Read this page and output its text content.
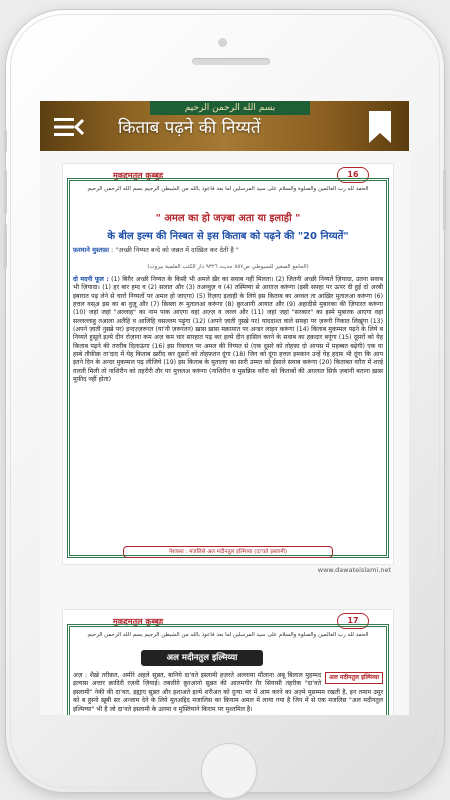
بسم الله الرحمن الرحيم
किताब पढ़ने की निय्यतें
मुक़द्दमतुल क़ुब्बुह	16
الحمد لله رب العالمين والصلوة والسلام على سيد المرسلين اما بعد فاعوذ بالله من الشيطن الرجيم بسم الله الرحمن الرحيم
" अमल का हो जज़्बा अता या इलाही "
के बील इल्म की निस्बत से इस किताब को पढ़ने की "20 निय्यतें"
फ़रमाने मुस्तफ़ा : "अच्छी निय्यत बन्दे को जन्नत में दाख़िल कर देती है "
(الجامع الصغير للسيوطي ص٥٥٧ حديث ٩٣٢٦ دار الكتب العلمية بيروت)
दो मदनी फूल : (1) बिग़ैर अच्छी निय्यत के किसी भी अमले ख़ैर का सवाब नहीं मिलता। (2) जितनी अच्छी निय्यतें ज़ियादा, उतना सवाब भी ज़ियादा। (1) हर बार हम्द व (2) सलात और (3) तअव्वुज़ व (4) तस्मिय्या से आग़ाज़ करूंगा (इसी सफ़्हा पर ऊपर दी हुई दो अरबी इबारात पढ़ लेने से चारों निय्यतों पर अमल हो जाएगा) (5) रिज़ाए इलाही के लिये इस किताब का अव्वल ता आख़िर मुतालआ करूंगा (6) हत्तल वस्अ इस का बा वुज़ू और (7) क़िब्ला रू मुतालआ करूंगा (8) क़ुरआनी आयात और (9) अहादीसे मुबारका की ज़ियारत करूंगा (10) जहां जहां "अल्लाह" का नाम पाक आएगा वहां अज़्ज़ व जल्ल और (11) जहां जहां "सरकार" का इस्मे मुबारक आएगा वहां सल्लल्लाहु तआला अलैहि व आलिहि वसल्लम पढ़ूंगा (12) (अपने ज़ाती नुस्ख़े पर) याददाश्त वाले सफ़्हा पर ज़रूरी निकात लिखूंगा (13) (अपने ज़ाती नुस्ख़े पर) इन्दज़्ज़रूरत (या'नी ज़रूरतन) ख़ास ख़ास मक़ामात पर अन्डर लाइन करूंगा (14) किताब मुकम्मल पढ़ने के लिये ब निय्यते हुसूले इल्मे दीन रोज़ाना कम अज़ कम चार सफ़्हात पढ़ कर इल्मे दीन हासिल करने के सवाब का हक़दार बनूंगा (15) दूसरों को येह किताब पढ़ने की तरग़ीब दिलाऊंगा (16) इस रिवायत पर अमल की निय्यत से (एक दूसरे को तोहफ़ा दो आपस में महब्बत बढ़ेगी) एक या हस्बे तौफ़ीक़ ता'दाद में येह किताब ख़रीद कर दूसरों को तोहफ़तन दूंगा (18) जिन को दूंगा हत्तल इमकान उन्हें येह हदफ़ भी दूंगा कि आप इतने दिन के अन्दर मुकम्मल पढ़ लीजिये (19) इस किताब के मुतालए का सारी उम्मत को ईसाले सवाब करूंगा (20) किताबत वग़ैरा में शरई ग़लती मिली तो नाशिरीन को तहरीरी तौर पर मुत्तलअ करूंगा (नाशिरीन व मुसन्निफ़ वग़ैरा को किताबों की अग़लात सिर्फ़ ज़बानी बताना ख़ास मुफ़ीद नहीं होता)
पेशकश : मजलिसे अल मदीनतुल इल्मिय्या (दा'वते इस्लामी)
www.dawateislami.net
मुक़द्दमतुल क़ुब्बुह	17
الحمد لله رب العالمين والصلوة والسلام على سيد المرسلين اما بعد فاعوذ بالله من الشيطن الرجيم بسم الله الرحمن الرحيم
अल मदीनतुल इल्मिय्या
अल मदीनतुल इल्मिय्या
अज़ : शैख़े तरीक़त, अमीरे अहले सुन्नत, बानिये दा'वते इस्लामी हज़रते अल्लामा मौलाना अबू बिलाल मुहम्मद इल्यास अत्तार क़ादिरी रज़वी ज़ियाई। तबलीग़े क़ुरआनो सुन्नत की आलमगीर ग़ैर सियासी तहरीक "दा'वते इस्लामी" नेकी की दा'वत, इह्याए सुन्नत और इशाअते इल्मे शरीअत को दुन्या भर में आम करने का अज़्मे मुसम्मम रखती है, इन तमाम उमूर को ब हुस्नो ख़ूबी सर अन्जाम देने के लिये मुतअद्दिद मजालिस का क़ियाम अमल में लाया गया है जिन में से एक मजलिस "अल मदीनतुल इल्मिय्या" भी है जो दा'वते इस्लामी के उलमा व मुफ़्तियाने किराम पर मुश्तमिल है।
